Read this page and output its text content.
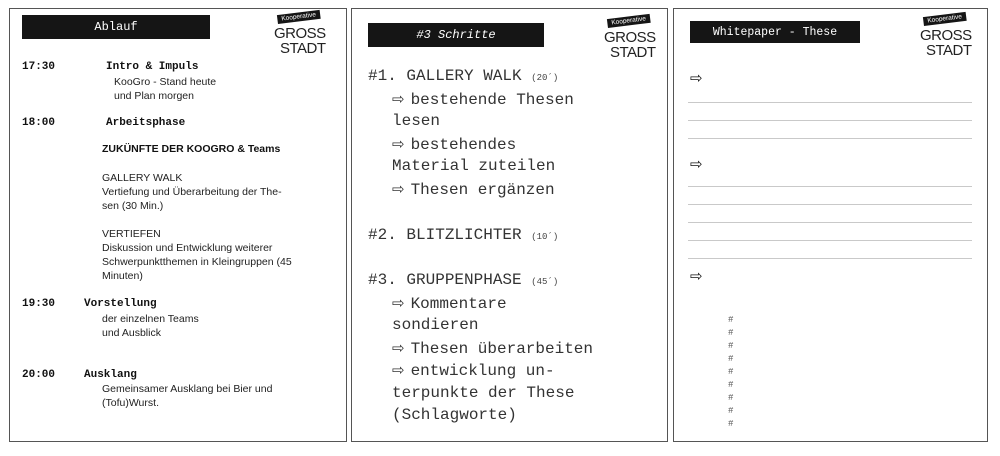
Ablauf
Kooperative
GROSS
STADT
17:30	Intro & Impuls
KooGro - Stand heute
und Plan morgen
18:00	Arbeitsphase
ZUKÜNFTE DER KOOGRO & Teams
GALLERY WALK
Vertiefung und Überarbeitung der The-
sen (30 Min.)
VERTIEFEN
Diskussion und Entwicklung weiterer
Schwerpunktthemen in Kleingruppen (45
Minuten)
19:30	Vorstellung
der einzelnen Teams
und Ausblick
20:00	Ausklang
Gemeinsamer Ausklang bei Bier und
(Tofu)Wurst.
#3 Schritte
Kooperative
GROSS
STADT
#1. GALLERY WALK (20´)
⇨ bestehende Thesen
lesen
⇨ bestehendes
Material zuteilen
⇨ Thesen ergänzen
#2. BLITZLICHTER (10´)
#3. GRUPPENPHASE (45´)
⇨ Kommentare
sondieren
⇨ Thesen überarbeiten
⇨ entwicklung un-
terpunkte der These
(Schlagworte)
Whitepaper - These
Kooperative
GROSS
STADT
⇨
⇨
⇨
#
#
#
#
#
#
#
#
#
